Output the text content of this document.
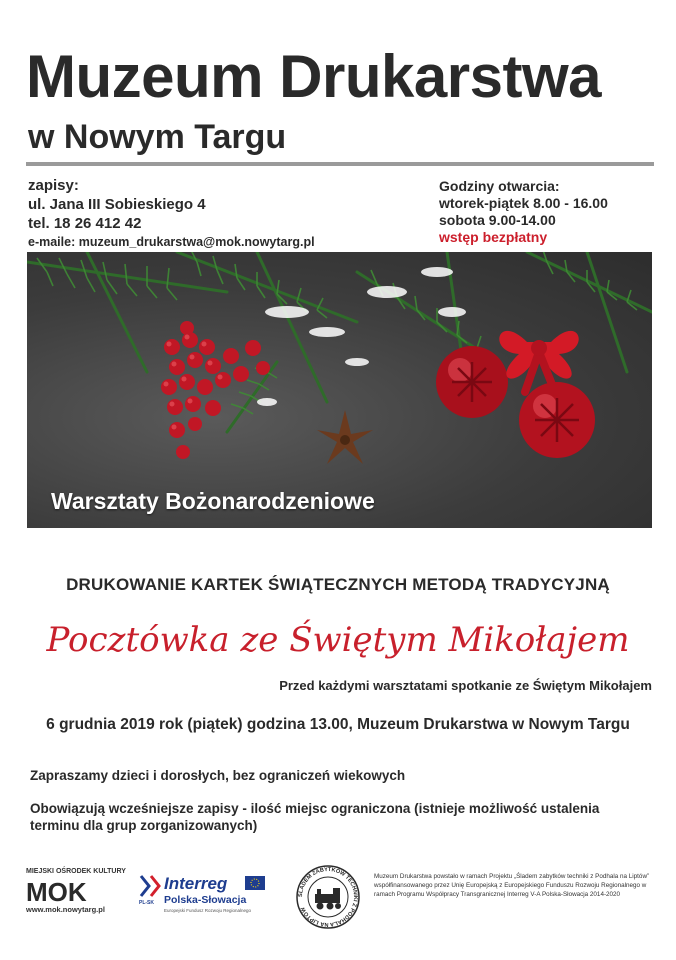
Muzeum Drukarstwa
w Nowym Targu
zapisy:
ul. Jana III Sobieskiego 4
tel. 18 26 412 42
e-maile: muzeum_drukarstwa@mok.nowytarg.pl
Godziny otwarcia:
wtorek-piątek 8.00 - 16.00
sobota 9.00-14.00
wstęp bezpłatny
Warsztaty Bożonarodzeniowe
DRUKOWANIE KARTEK ŚWIĄTECZNYCH METODĄ TRADYCYJNĄ
Pocztówka ze Świętym Mikołajem
Przed każdymi warsztatami spotkanie ze Świętym Mikołajem
6 grudnia 2019 rok (piątek) godzina 13.00, Muzeum Drukarstwa w Nowym Targu
Zapraszamy dzieci i dorosłych, bez ograniczeń wiekowych
Obowiązują wcześniejsze zapisy - ilość miejsc ograniczona (istnieje możliwość ustalenia terminu dla grup zorganizowanych)
MIEJSKI OŚRODEK KULTURY
MOK
www.mok.nowytarg.pl
PL-SK
Interreg
Polska-Słowacja
Europejski Fundusz Rozwoju Regionalnego
ŚLADEM ZABYTKÓW TECHNIKI Z PODHALA NA LIPTÓW
Muzeum Drukarstwa powstało w ramach Projektu „Śladem zabytków techniki z Podhala na Liptów” współfinansowanego przez Unię Europejską z Europejskiego Funduszu Rozwoju Regionalnego w ramach Programu Współpracy Transgranicznej Interreg V-A Polska-Słowacja 2014-2020
